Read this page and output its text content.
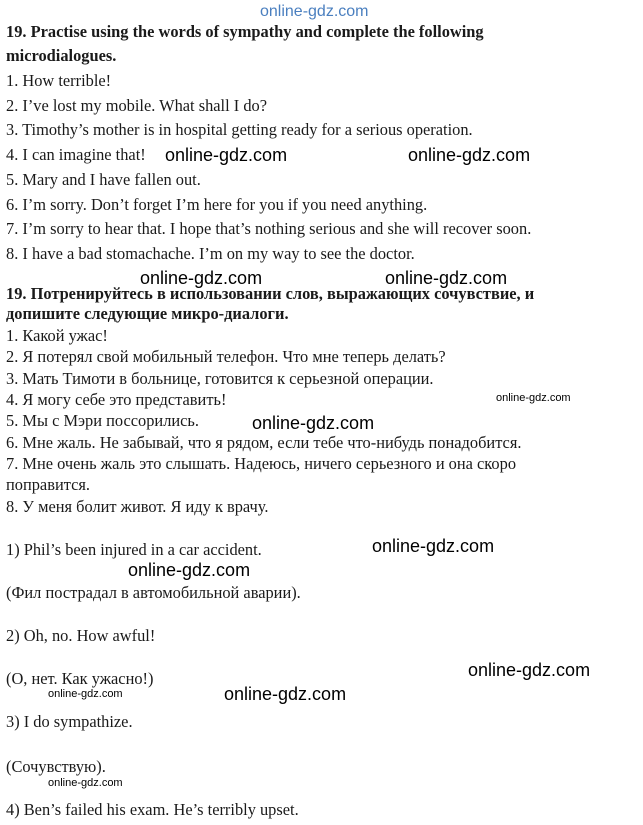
online-gdz.com
19. Practise using the words of sympathy and complete the following
microdialogues.
1. How terrible!
2. I’ve lost my mobile. What shall I do?
3. Timothy’s mother is in hospital getting ready for a serious operation.
4. I can imagine that!
5. Mary and I have fallen out.
6. I’m sorry. Don’t forget I’m here for you if you need anything.
7. I’m sorry to hear that. I hope that’s nothing serious and she will recover soon.
8. I have a bad stomachache. I’m on my way to see the doctor.
online-gdz.com	online-gdz.com
online-gdz.com	online-gdz.com
19. Потренируйтесь в использовании слов, выражающих сочувствие, и
допишите следующие микро-диалоги.
1. Какой ужас!
2. Я потерял свой мобильный телефон. Что мне теперь делать?
3. Мать Тимоти в больнице, готовится к серьезной операции.
4. Я могу себе это представить!
5. Мы с Мэри поссорились.
6. Мне жаль. Не забывай, что я рядом, если тебе что-нибудь понадобится.
7. Мне очень жаль это слышать. Надеюсь, ничего серьезного и она скоро
поправится.
8. У меня болит живот. Я иду к врачу.
online-gdz.com
online-gdz.com
1) Phil’s been injured in a car accident.
(Фил пострадал в автомобильной аварии).
2) Oh, no. How awful!
(О, нет. Как ужасно!)
3) I do sympathize.
(Сочувствую).
4) Ben’s failed his exam. He’s terribly upset.
online-gdz.com
online-gdz.com
online-gdz.com
online-gdz.com	online-gdz.com
online-gdz.com
